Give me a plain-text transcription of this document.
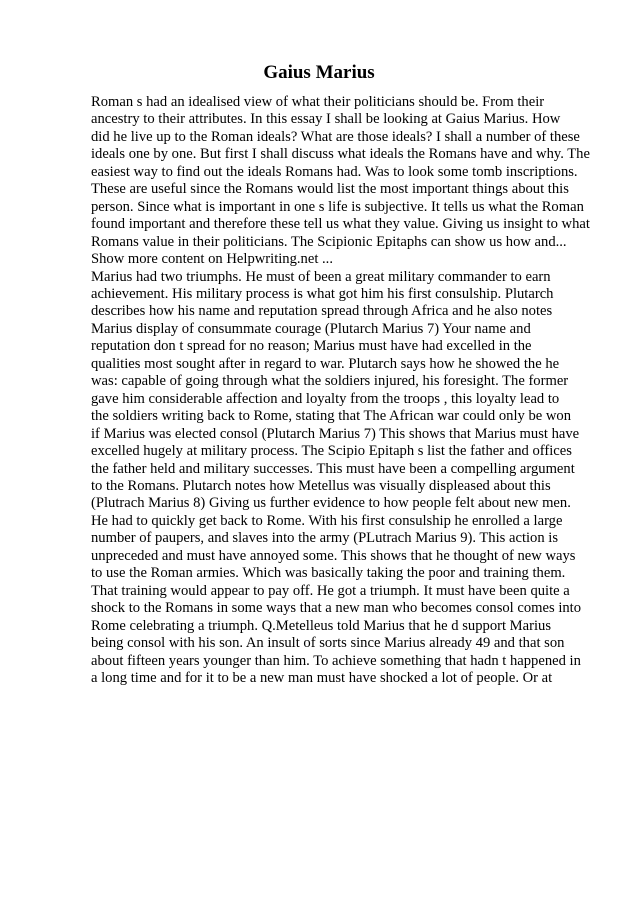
Gaius Marius
Roman s had an idealised view of what their politicians should be. From their
ancestry to their attributes. In this essay I shall be looking at Gaius Marius. How
did he live up to the Roman ideals? What are those ideals? I shall a number of these
ideals one by one. But first I shall discuss what ideals the Romans have and why. The
easiest way to find out the ideals Romans had. Was to look some tomb inscriptions.
These are useful since the Romans would list the most important things about this
person. Since what is important in one s life is subjective. It tells us what the Roman
found important and therefore these tell us what they value. Giving us insight to what
Romans value in their politicians. The Scipionic Epitaphs can show us how and...
Show more content on Helpwriting.net ...
Marius had two triumphs. He must of been a great military commander to earn
achievement. His military process is what got him his first consulship. Plutarch
describes how his name and reputation spread through Africa and he also notes
Marius display of consummate courage (Plutarch Marius 7) Your name and
reputation don t spread for no reason; Marius must have had excelled in the
qualities most sought after in regard to war. Plutarch says how he showed the he
was: capable of going through what the soldiers injured, his foresight. The former
gave him considerable affection and loyalty from the troops , this loyalty lead to
the soldiers writing back to Rome, stating that The African war could only be won
if Marius was elected consol (Plutarch Marius 7) This shows that Marius must have
excelled hugely at military process. The Scipio Epitaph s list the father and offices
the father held and military successes. This must have been a compelling argument
to the Romans. Plutarch notes how Metellus was visually displeased about this
(Plutrach Marius 8) Giving us further evidence to how people felt about new men.
He had to quickly get back to Rome. With his first consulship he enrolled a large
number of paupers, and slaves into the army (PLutrach Marius 9). This action is
unpreceded and must have annoyed some. This shows that he thought of new ways
to use the Roman armies. Which was basically taking the poor and training them.
That training would appear to pay off. He got a triumph. It must have been quite a
shock to the Romans in some ways that a new man who becomes consol comes into
Rome celebrating a triumph. Q.Metelleus told Marius that he d support Marius
being consol with his son. An insult of sorts since Marius already 49 and that son
about fifteen years younger than him. To achieve something that hadn t happened in
a long time and for it to be a new man must have shocked a lot of people. Or at
